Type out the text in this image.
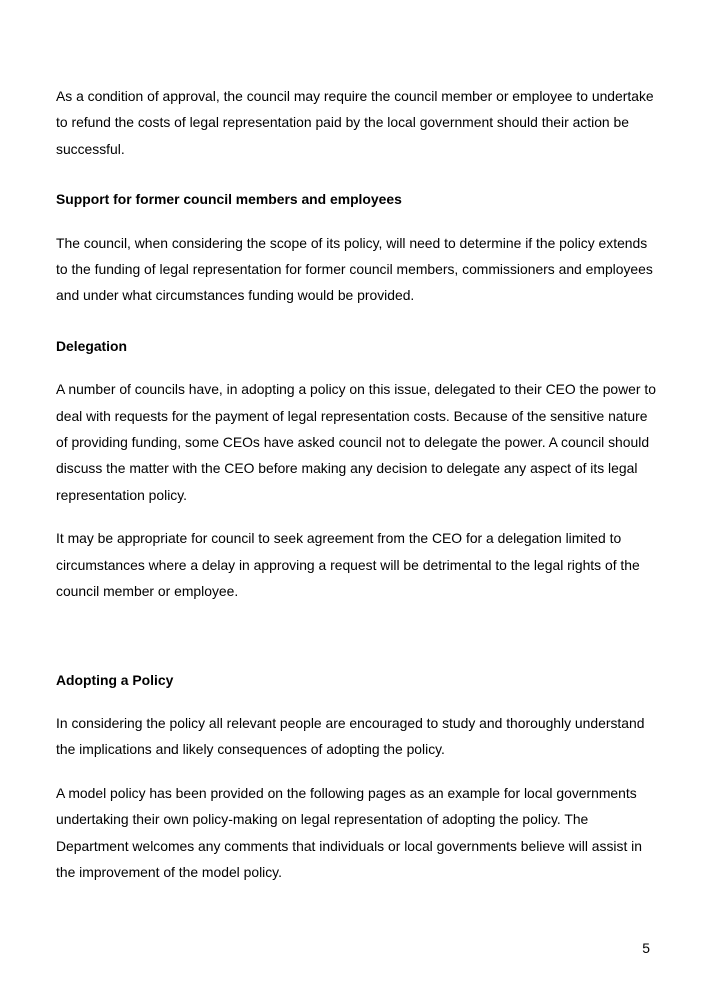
As a condition of approval, the council may require the council member or employee to undertake to refund the costs of legal representation paid by the local government should their action be successful.

Support for former council members and employees

The council, when considering the scope of its policy, will need to determine if the policy extends to the funding of legal representation for former council members, commissioners and employees and under what circumstances funding would be provided.

Delegation

A number of councils have, in adopting a policy on this issue, delegated to their CEO the power to deal with requests for the payment of legal representation costs. Because of the sensitive nature of providing funding, some CEOs have asked council not to delegate the power. A council should discuss the matter with the CEO before making any decision to delegate any aspect of its legal representation policy.

It may be appropriate for council to seek agreement from the CEO for a delegation limited to circumstances where a delay in approving a request will be detrimental to the legal rights of the council member or employee.

Adopting a Policy

In considering the policy all relevant people are encouraged to study and thoroughly understand the implications and likely consequences of adopting the policy.

A model policy has been provided on the following pages as an example for local governments undertaking their own policy-making on legal representation of adopting the policy. The Department welcomes any comments that individuals or local governments believe will assist in the improvement of the model policy.

5
